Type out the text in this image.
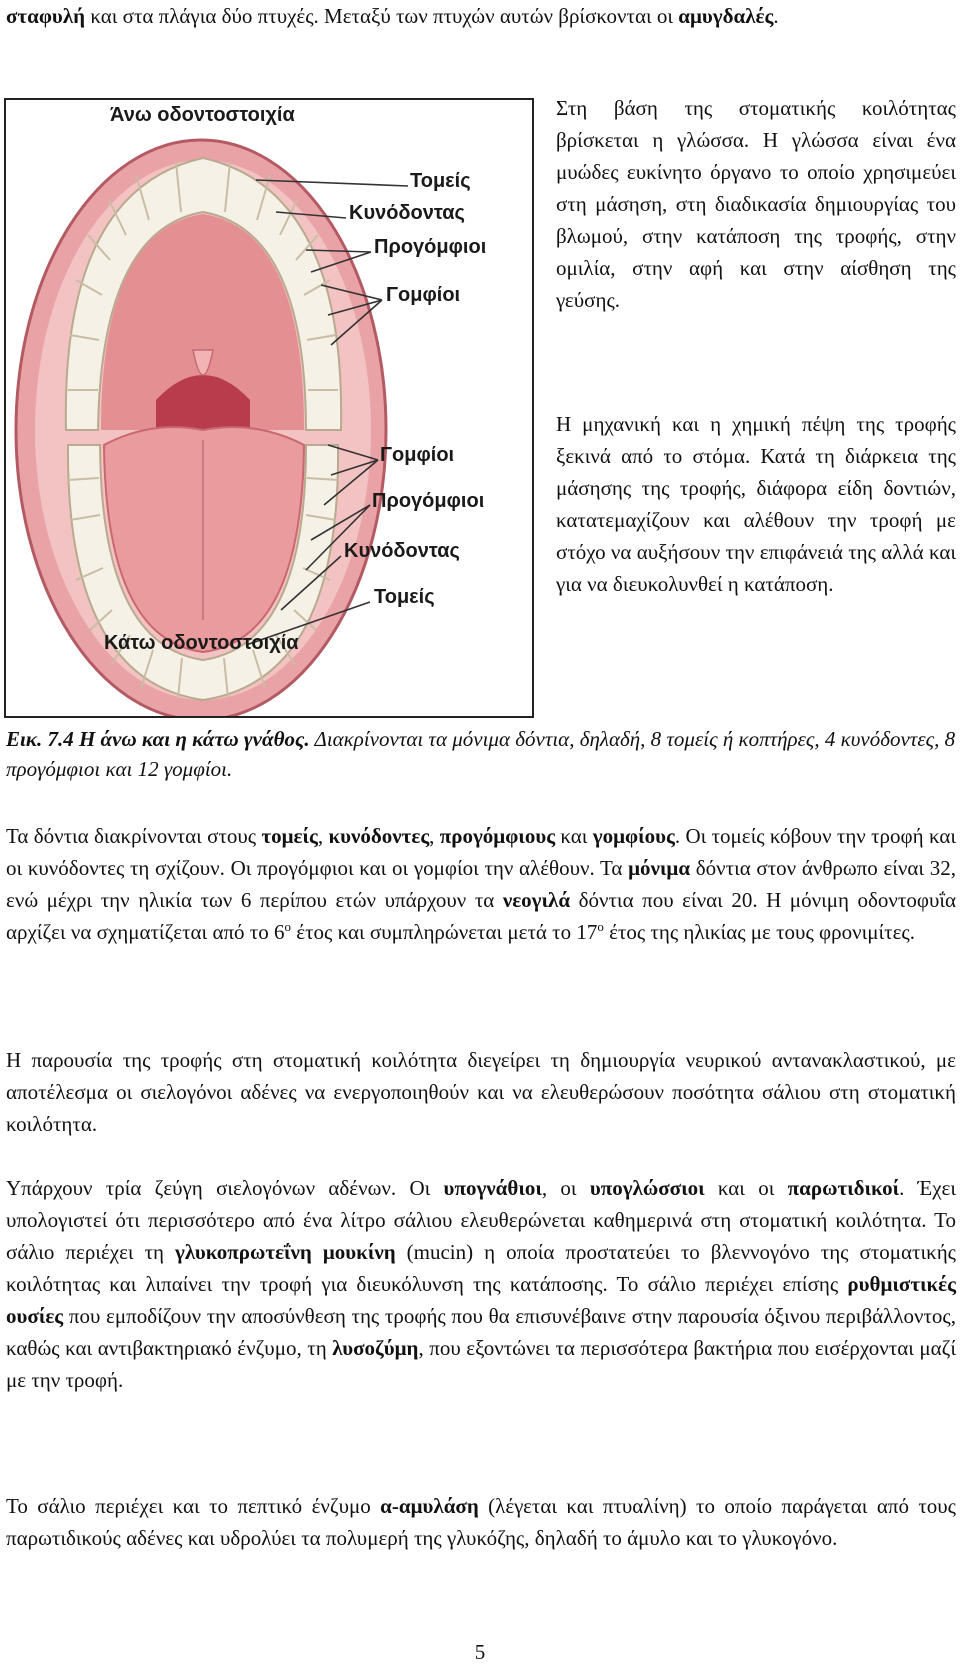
σταφυλή και στα πλάγια δύο πτυχές. Μεταξύ των πτυχών αυτών βρίσκονται οι αμυγδαλές.

Άνω οδοντοστοιχία
Κάτω οδοντοστοιχία
Τομείς
Κυνόδοντας
Προγόμφιοι
Γομφίοι
Γομφίοι
Προγόμφιοι
Κυνόδοντας
Τομείς

Στη βάση της στοματικής κοιλότητας βρίσκεται η γλώσσα. Η γλώσσα είναι ένα μυώδες ευκίνητο όργανο το οποίο χρησιμεύει στη μάσηση, στη διαδικασία δημιουργίας του βλωμού, στην κατάποση της τροφής, στην ομιλία, στην αφή και στην αίσθηση της γεύσης.

Η μηχανική και η χημική πέψη της τροφής ξεκινά από το στόμα. Κατά τη διάρκεια της μάσησης της τροφής, διάφορα είδη δοντιών, κατατεμαχίζουν και αλέθουν την τροφή με στόχο να αυξήσουν την επιφάνειά της αλλά και για να διευκολυνθεί η κατάποση.

Εικ. 7.4 Η άνω και η κάτω γνάθος. Διακρίνονται τα μόνιμα δόντια, δηλαδή, 8 τομείς ή κοπτήρες, 4 κυνόδοντες, 8 προγόμφιοι και 12 γομφίοι.

Τα δόντια διακρίνονται στους τομείς, κυνόδοντες, προγόμφιους και γομφίους. Οι τομείς κόβουν την τροφή και οι κυνόδοντες τη σχίζουν. Οι προγόμφιοι και οι γομφίοι την αλέθουν. Τα μόνιμα δόντια στον άνθρωπο είναι 32, ενώ μέχρι την ηλικία των 6 περίπου ετών υπάρχουν τα νεογιλά δόντια που είναι 20. Η μόνιμη οδοντοφυΐα αρχίζει να σχηματίζεται από το $6^o$ έτος και συμπληρώνεται μετά το $17^o$ έτος της ηλικίας με τους φρονιμίτες.

Η παρουσία της τροφής στη στοματική κοιλότητα διεγείρει τη δημιουργία νευρικού αντανακλαστικού, με αποτέλεσμα οι σιελογόνοι αδένες να ενεργοποιηθούν και να ελευθερώσουν ποσότητα σάλιου στη στοματική κοιλότητα.

Υπάρχουν τρία ζεύγη σιελογόνων αδένων. Οι υπογνάθιοι, οι υπογλώσσιοι και οι παρωτιδικοί. Έχει υπολογιστεί ότι περισσότερο από ένα λίτρο σάλιου ελευθερώνεται καθημερινά στη στοματική κοιλότητα. Το σάλιο περιέχει τη γλυκοπρωτεΐνη μουκίνη (mucin) η οποία προστατεύει το βλεννογόνο της στοματικής κοιλότητας και λιπαίνει την τροφή για διευκόλυνση της κατάποσης. Το σάλιο περιέχει επίσης ρυθμιστικές ουσίες που εμποδίζουν την αποσύνθεση της τροφής που θα επισυνέβαινε στην παρουσία όξινου περιβάλλοντος, καθώς και αντιβακτηριακό ένζυμο, τη λυσοζύμη, που εξοντώνει τα περισσότερα βακτήρια που εισέρχονται μαζί με την τροφή.

Το σάλιο περιέχει και το πεπτικό ένζυμο α-αμυλάση (λέγεται και πτυαλίνη) το οποίο παράγεται από τους παρωτιδικούς αδένες και υδρολύει τα πολυμερή της γλυκόζης, δηλαδή το άμυλο και το γλυκογόνο.

5
